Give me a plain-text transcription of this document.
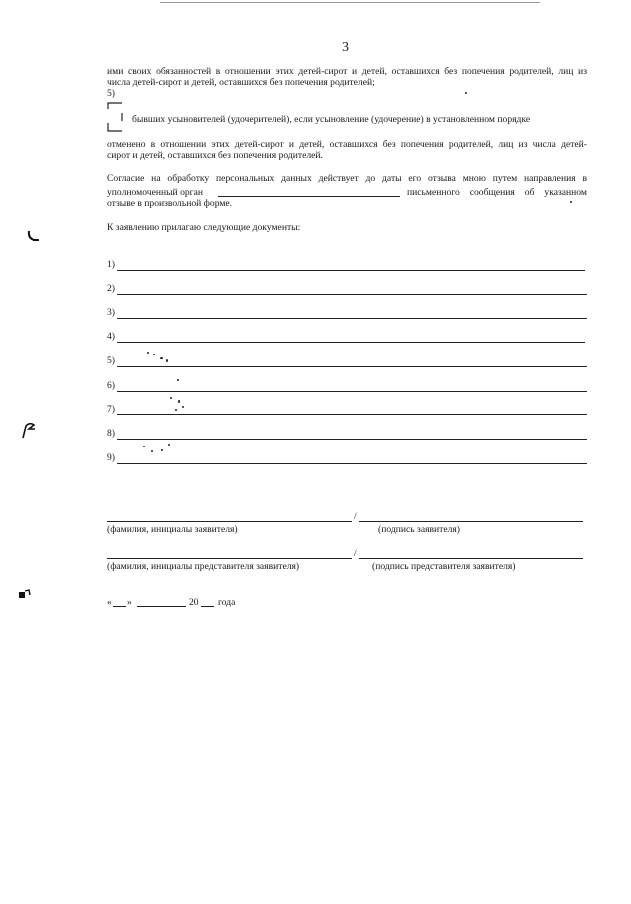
3
ими своих обязанностей в отношении этих детей-сирот и детей, оставшихся без попечения родителей, лиц из
числа детей-сирот и детей, оставшихся без попечения родителей;
5)
бывших усыновителей (удочерителей), если усыновление (удочерение) в установленном порядке
отменено в отношении этих детей-сирот и детей, оставшихся без попечения родителей, лиц из числа детей-
сирот и детей, оставшихся без попечения родителей.
Согласие на обработку персональных данных действует до даты его отзыва мною путем направления в
уполномоченный орган	письменного сообщения об указанном
отзыве в произвольной форме.
К заявлению прилагаю следующие документы:
1)
2)
3)
4)
5)
6)
7)
8)
9)
/
(фамилия, инициалы заявителя)	(подпись заявителя)
/
(фамилия, инициалы представителя заявителя)	(подпись представителя заявителя)
« »	20 года
